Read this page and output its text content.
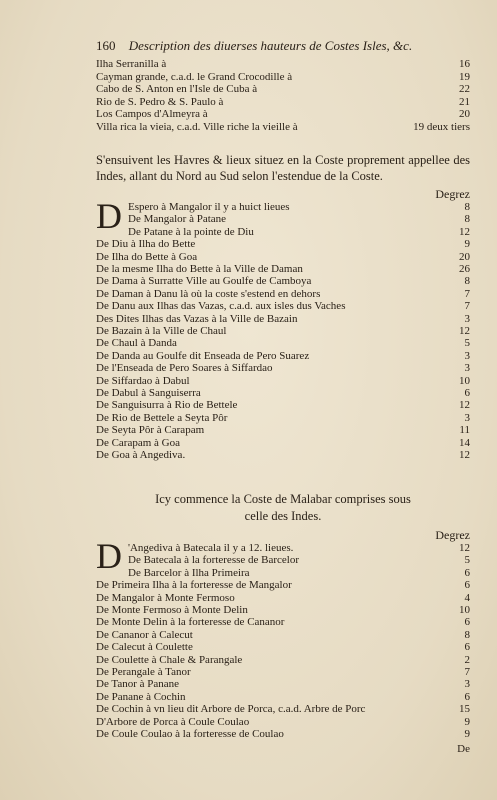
160 Description des diuerses hauteurs de Costes Isles, &c.
Ilha Serranilla à	16
Cayman grande, c.a.d. le Grand Crocodille à	19
Cabo de S. Anton en l'Isle de Cuba à	22
Rio de S. Pedro & S. Paulo à	21
Los Campos d'Almeyra à	20
Villa rica la vieia, c.a.d. Ville riche la vieille à	19 deux tiers
S'ensuivent les Havres & lieux situez en la Coste proprement appellee des Indes, allant du Nord au Sud selon l'estendue de la Coste.
Degrez
D Espero à Mangalor il y a huict lieues	8
De Mangalor à Patane	8
De Patane à la pointe de Diu	12
De Diu à Ilha do Bette	9
De Ilha do Bette à Goa	20
De la mesme Ilha do Bette à la Ville de Daman	26
De Dama à Surratte Ville au Goulfe de Camboya	8
De Daman à Danu là où la coste s'estend en dehors	7
De Danu aux Ilhas das Vazas, c.a.d. aux isles dus Vaches	7
Des Dites Ilhas das Vazas à la Ville de Bazain	3
De Bazain à la Ville de Chaul	12
De Chaul à Danda	5
De Danda au Goulfe dit Enseada de Pero Suarez	3
De l'Enseada de Pero Soares à Siffardao	3
De Siffardao à Dabul	10
De Dabul à Sanguiserra	6
De Sanguisurra à Rio de Bettele	12
De Rio de Bettele a Seyta Pôr	3
De Seyta Pôr à Carapam	11
De Carapam à Goa	14
De Goa à Angediva.	12
Icy commence la Coste de Malabar comprises sous
celle des Indes.
Degrez
D 'Angediva à Batecala il y a 12. lieues.	12
De Batecala à la forteresse de Barcelor	5
De Barcelor à Ilha Primeira	6
De Primeira Ilha à la forteresse de Mangalor	6
De Mangalor à Monte Fermoso	4
De Monte Fermoso à Monte Delin	10
De Monte Delin à la forteresse de Cananor	6
De Cananor à Calecut	8
De Calecut à Coulette	6
De Coulette à Chale & Parangale	2
De Perangale à Tanor	7
De Tanor à Panane	3
De Panane à Cochin	6
De Cochin à vn lieu dit Arbore de Porca, c.a.d. Arbre de Porc	15
D'Arbore de Porca à Coule Coulao	9
De Coule Coulao à la forteresse de Coulao	9
De
